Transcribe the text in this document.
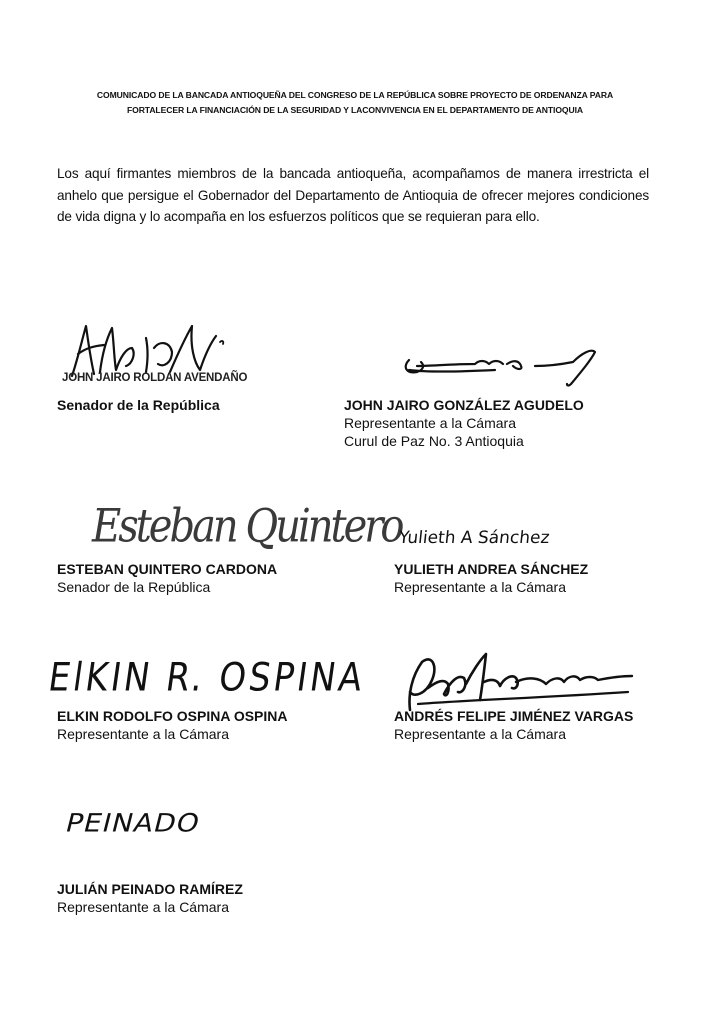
COMUNICADO DE LA BANCADA ANTIOQUEÑA DEL CONGRESO DE LA REPÚBLICA SOBRE PROYECTO DE ORDENANZA PARA
FORTALECER LA FINANCIACIÓN DE LA SEGURIDAD Y LACONVIVENCIA EN EL DEPARTAMENTO DE ANTIOQUIA
Los aquí firmantes miembros de la bancada antioqueña, acompañamos de manera irrestricta el anhelo que persigue el Gobernador del Departamento de Antioquia de ofrecer mejores condiciones de vida digna y lo acompaña en los esfuerzos políticos que se requieran para ello.
JOHN JAIRO ROLDAN AVENDAÑO
Senador de la República	JOHN JAIRO GONZÁLEZ AGUDELO
Representante a la Cámara
Curul de Paz No. 3 Antioquia
Esteban Quintero
ESTEBAN QUINTERO CARDONA
Senador de la República
Yulieth A Sánchez
YULIETH ANDREA SÁNCHEZ
Representante a la Cámara
ElKIN R. OSPINA
ELKIN RODOLFO OSPINA OSPINA
Representante a la Cámara
ANDRÉS FELIPE JIMÉNEZ VARGAS
Representante a la Cámara
PEINADO
JULIÁN PEINADO RAMÍREZ
Representante a la Cámara
